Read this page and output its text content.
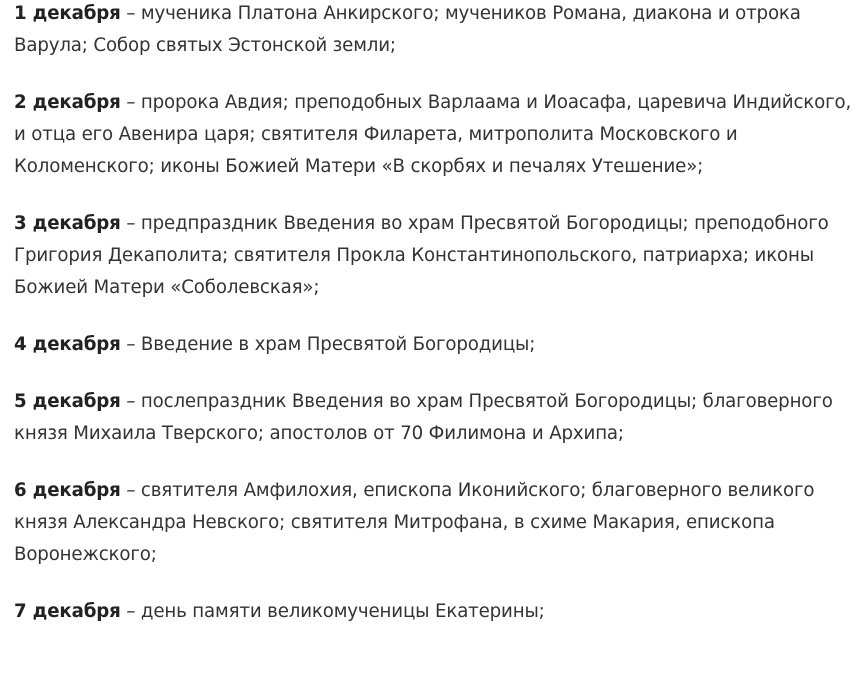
1 декабря – мученика Платона Анкирского; мучеников Романа, диакона и отрока Варула; Собор святых Эстонской земли;

2 декабря – пророка Авдия; преподобных Варлаама и Иоасафа, царевича Индийского, и отца его Авенира царя; святителя Филарета, митрополита Московского и Коломенского; иконы Божией Матери «В скорбях и печалях Утешение»;

3 декабря – предпраздник Введения во храм Пресвятой Богородицы; преподобного Григория Декаполита; святителя Прокла Константинопольского, патриарха; иконы Божией Матери «Соболевская»;

4 декабря – Введение в храм Пресвятой Богородицы;

5 декабря – послепраздник Введения во храм Пресвятой Богородицы; благоверного князя Михаила Тверского; апостолов от 70 Филимона и Архипа;

6 декабря – святителя Амфилохия, епископа Иконийского; благоверного великого князя Александра Невского; святителя Митрофана, в схиме Макария, епископа Воронежского;

7 декабря – день памяти великомученицы Екатерины;
